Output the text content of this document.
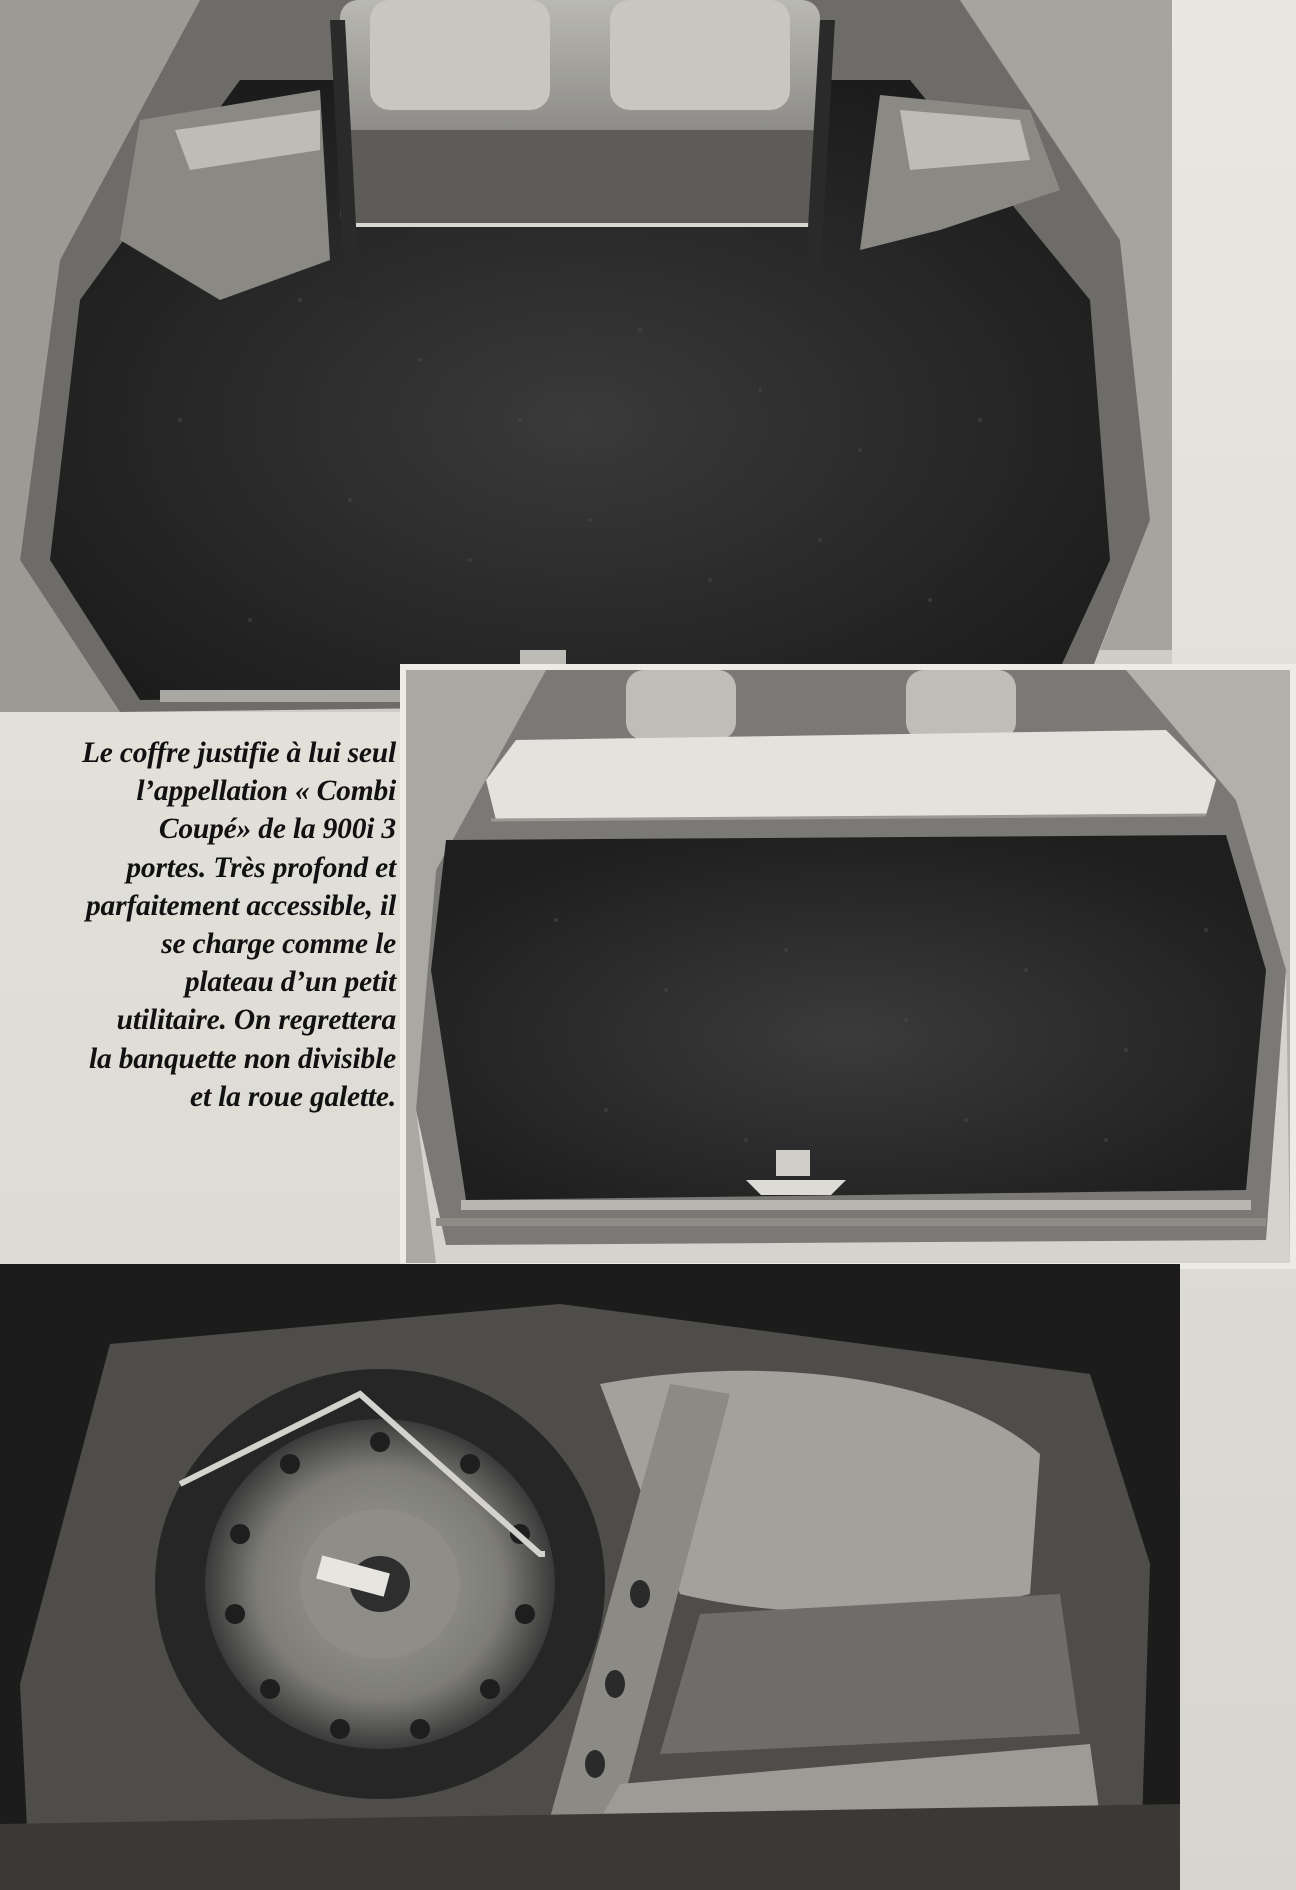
Le coffre justifie à lui seul
l’appellation « Combi
Coupé» de la 900i 3
portes. Très profond et
parfaitement accessible, il
se charge comme le
plateau d’un petit
utilitaire. On regrettera
la banquette non divisible
et la roue galette.
